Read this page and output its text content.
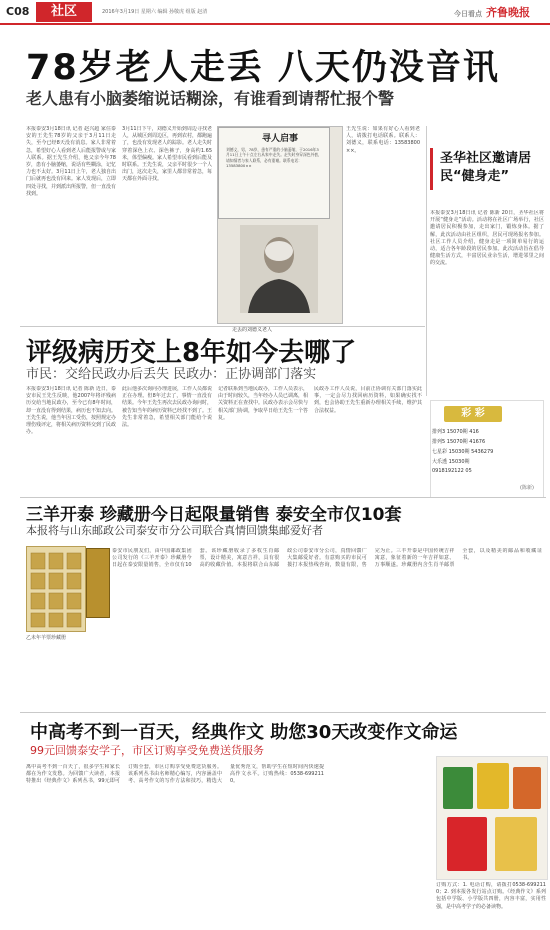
C08	社区	2016年3月19日 星期六 编辑 孙敬虎 组版 赵清	今日看点 齐鲁晚报
78岁老人走丢 八天仍没音讯
老人患有小脑萎缩说话糊涂，有谁看到请帮忙报个警
本报泰安3月18日讯 记者 赵兴超 家住泰安的王先生78岁的父亲于3月11日走失，至今已经8天没有消息。家人非常着急，希望好心人看到老人后能报警或与家人联系。据王先生介绍，他父亲今年78岁，患有小脑萎缩，说话有些糊涂，记忆力也不太好。3月11日上午，老人独自出门后就再也没有回来。家人发现后，立即四处寻找，并到派出所报警，但一直没有找到。
3月11日下午，刘德义开始到周边寻找老人，从城区到周边区，再到农村，都跑遍了，也没有发现老人的踪影。老人走失时穿着深色上衣、深色裤子，身高约1.65米，体型偏瘦。家人希望市民看到后能及时联系。王先生说，父亲平时很少一个人出门，这次走失，家里人都非常着急，每天都在外面寻找。
寻人启事
刘德义，男，78岁，患有严重的小脑萎缩，于2016年3月11日上午十点左右从家中走失。走失时身穿深色外套，请知情者与家人联系，必有重谢。联系电话：13583800××
走丢的刘德义老人
王先生说：如果有好心人看到老人，请拨打电话联系。联系人：刘德义，联系电话：13583800××。
圣华社区邀请居民“健身走”
本报泰安3月18日讯 记者 陈新 20日，圣华社区将开展“健身走”活动。活动将在社区广场举行，社区邀请居民积极参加，走出家门，锻炼身体。据了解，此次活动由社区组织，居民可现场报名参加。社区工作人员介绍，健身走是一项简单易行的运动，适合各年龄段的居民参加。此次活动旨在倡导健康生活方式，丰富居民业余生活，增进邻里之间的交流。
评级病历交上8年如今去哪了
市民：交给民政办后丢失 民政办：正协调部门落实
本报泰安3月18日讯 记者 陈新 近日，泰安市民王先生反映，他2007年将评残病历交给当地民政办，至今已有8年时间，却一直没有得到结果，病历也不知去向。王先生说，他当年因工受伤，按照规定办理伤残评定，将相关病历资料交到了民政办。
此后他多次询问办理进展，工作人员都说正在办理。但8年过去了，事情一直没有结果。今年王先生再次去民政办询问时，被告知当年的病历资料已经找不到了。王先生非常着急，希望相关部门能给个说法。
记者联系到当地民政办，工作人员表示，由于时间较久，当年经办人员已调离，相关资料正在查找中。民政办表示会尽快与相关部门协调，争取早日给王先生一个答复。
民政办工作人员说，目前正协调有关部门落实此事，一定会尽力找回病历资料，如果确实找不到，也会协助王先生重新办理相关手续，维护其合法权益。	彩 彩
排列3 15070期 416
排列5 15070期 41676
七星彩 15030期 5436279
大乐透 15030期
0918192122 05
(陈新)
三羊开泰 珍藏册今日起限量销售 泰安全市仅10套
本报将与山东邮政公司泰安市分公司联合真情回馈集邮爱好者
乙未年羊票珍藏册
泰安市民朋友们，由中国邮政集团公司发行的《三羊开泰》珍藏册今日起在泰安限量销售，全市仅有10套。该珍藏册收录了多枚生肖邮票，设计精美，寓意吉祥，具有很高的收藏价值。本报将联合山东邮政公司泰安市分公司，真情回馈广大集邮爱好者。有意购买的市民可拨打本报热线咨询，数量有限，售完为止。三羊开泰是中国传统吉祥寓意，象征着新的一年吉祥如意、万事顺遂。珍藏册内含生肖羊邮票全套，以及精美的邮品和收藏证书。
中高考不到一百天，经典作文 助您30天改变作文命运
99元回馈泰安学子，市区订购享受免费送货服务
离中高考不到一百天了，很多学生和家长都在为作文发愁。为回馈广大读者，本报特推出《经典作文》系列丛书，99元即可订购全套，市区订购享受免费送货服务。该系列丛书由名师精心编写，内容涵盖中考、高考作文的写作方法和技巧，精选大量优秀范文，帮助学生在短时间内快速提高作文水平。订购热线：0538-6992110。
订购方式：1. 电话订购，请拨打0538-6992110；2. 到本报各发行站点订购。《经典作文》系列包括中学版、小学版共四册，内容丰富，实用性强，是中高考学子的必备读物。
